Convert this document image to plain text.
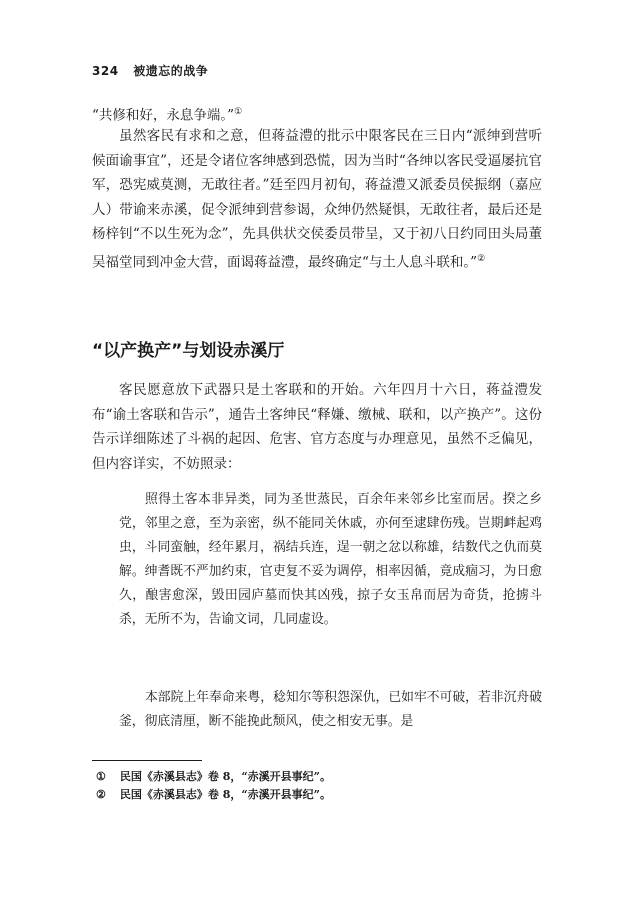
324 被遗忘的战争
“共修和好，永息争端。”①
虽然客民有求和之意，但蒋益澧的批示中限客民在三日内“派绅到营听候面谕事宜”，还是令诸位客绅感到恐慌，因为当时“各绅以客民受逼屡抗官军，恐宪威莫测，无敢往者。”廷至四月初旬，蒋益澧又派委员侯振纲（嘉应人）带谕来赤溪，促令派绅到营参谒，众绅仍然疑惧，无敢往者，最后还是杨梓钊“不以生死为念”，先具供状交侯委员带呈，又于初八日约同田头局董吴福堂同到冲金大营，面谒蒋益澧，最终确定“与土人息斗联和。”②
“以产换产”与划设赤溪厅
客民愿意放下武器只是土客联和的开始。六年四月十六日，蒋益澧发布“谕土客联和告示”，通告土客绅民“释嫌、缴械、联和，以产换产”。这份告示详细陈述了斗祸的起因、危害、官方态度与办理意见，虽然不乏偏见，但内容详实，不妨照录：
照得土客本非异类，同为圣世蒸民，百余年来邻乡比室而居。揆之乡党，邻里之意，至为亲密，纵不能同关休戚，亦何至逮肆伤残。岂期衅起鸡虫，斗同蛮触，经年累月，祸结兵连，逞一朝之忿以称雄，结数代之仇而莫解。绅耆既不严加约束，官吏复不妥为调停，相率因循，竟成痼习，为日愈久，酿害愈深，毁田园庐墓而快其凶残，掠子女玉帛而居为奇货，抢掳斗杀，无所不为，告谕文词，几同虚设。
本部院上年奉命来粤，稔知尔等积怨深仇，已如牢不可破，若非沉舟破釜，彻底清厘，断不能挽此颓风，使之相安无事。是
① 民国《赤溪县志》卷 8，“赤溪开县事纪”。
② 民国《赤溪县志》卷 8，“赤溪开县事纪”。
